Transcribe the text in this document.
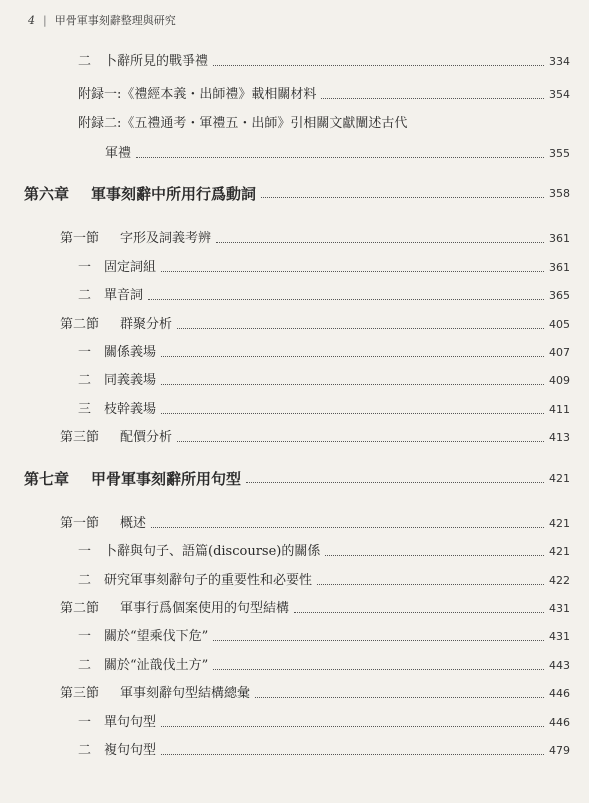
4 | 甲骨軍事刻辭整理與研究
二 卜辭所見的戰爭禮	334
附録一:《禮經本義・出師禮》載相關材料	354
附録二:《五禮通考・軍禮五・出師》引相關文獻闡述古代
軍禮	355
第六章 軍事刻辭中所用行爲動詞	358
第一節 字形及詞義考辨	361
一 固定詞組	361
二 單音詞	365
第二節 群聚分析	405
一 關係義場	407
二 同義義場	409
三 枝幹義場	411
第三節 配價分析	413
第七章 甲骨軍事刻辭所用句型	421
第一節 概述	421
一 卜辭與句子、語篇(discourse)的關係	421
二 研究軍事刻辭句子的重要性和必要性	422
第二節 軍事行爲個案使用的句型結構	431
一 關於“望乘伐下危”	431
二 關於“沚戠伐土方”	443
第三節 軍事刻辭句型結構總彙	446
一 單句句型	446
二 複句句型	479
